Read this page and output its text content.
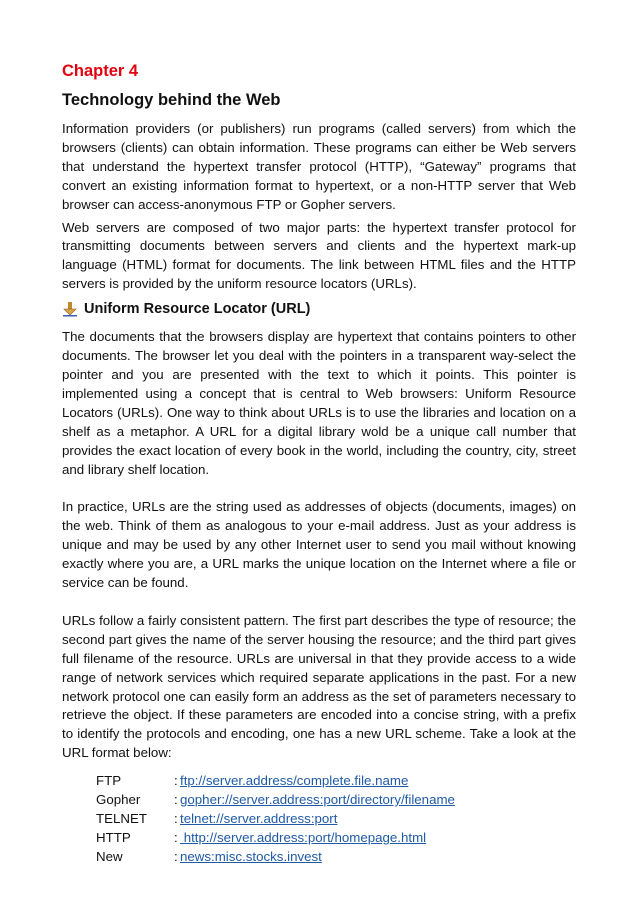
Chapter 4
Technology behind the Web

Information providers (or publishers) run programs (called servers) from which the browsers (clients) can obtain information. These programs can either be Web servers that understand the hypertext transfer protocol (HTTP), “Gateway” programs that convert an existing information format to hypertext, or a non-HTTP server that Web browser can access-anonymous FTP or Gopher servers.

Web servers are composed of two major parts: the hypertext transfer protocol for transmitting documents between servers and clients and the hypertext mark-up language (HTML) format for documents. The link between HTML files and the HTTP servers is provided by the uniform resource locators (URLs).

Uniform Resource Locator (URL)

The documents that the browsers display are hypertext that contains pointers to other documents. The browser let you deal with the pointers in a transparent way-select the pointer and you are presented with the text to which it points. This pointer is implemented using a concept that is central to Web browsers: Uniform Resource Locators (URLs). One way to think about URLs is to use the libraries and location on a shelf as a metaphor. A URL for a digital library wold be a unique call number that provides the exact location of every book in the world, including the country, city, street and library shelf location.

In practice, URLs are the string used as addresses of objects (documents, images) on the web. Think of them as analogous to your e-mail address. Just as your address is unique and may be used by any other Internet user to send you mail without knowing exactly where you are, a URL marks the unique location on the Internet where a file or service can be found.

URLs follow a fairly consistent pattern. The first part describes the type of resource; the second part gives the name of the server housing the resource; and the third part gives full filename of the resource. URLs are universal in that they provide access to a wide range of network services which required separate applications in the past. For a new network protocol one can easily form an address as the set of parameters necessary to retrieve the object. If these parameters are encoded into a concise string, with a prefix to identify the protocols and encoding, one has a new URL scheme. Take a look at the URL format below:

FTP	: ftp://server.address/complete.file.name
Gopher	: gopher://server.address:port/directory/filename
TELNET	: telnet://server.address:port
HTTP	: http://server.address:port/homepage.html
New	: news:misc.stocks.invest
